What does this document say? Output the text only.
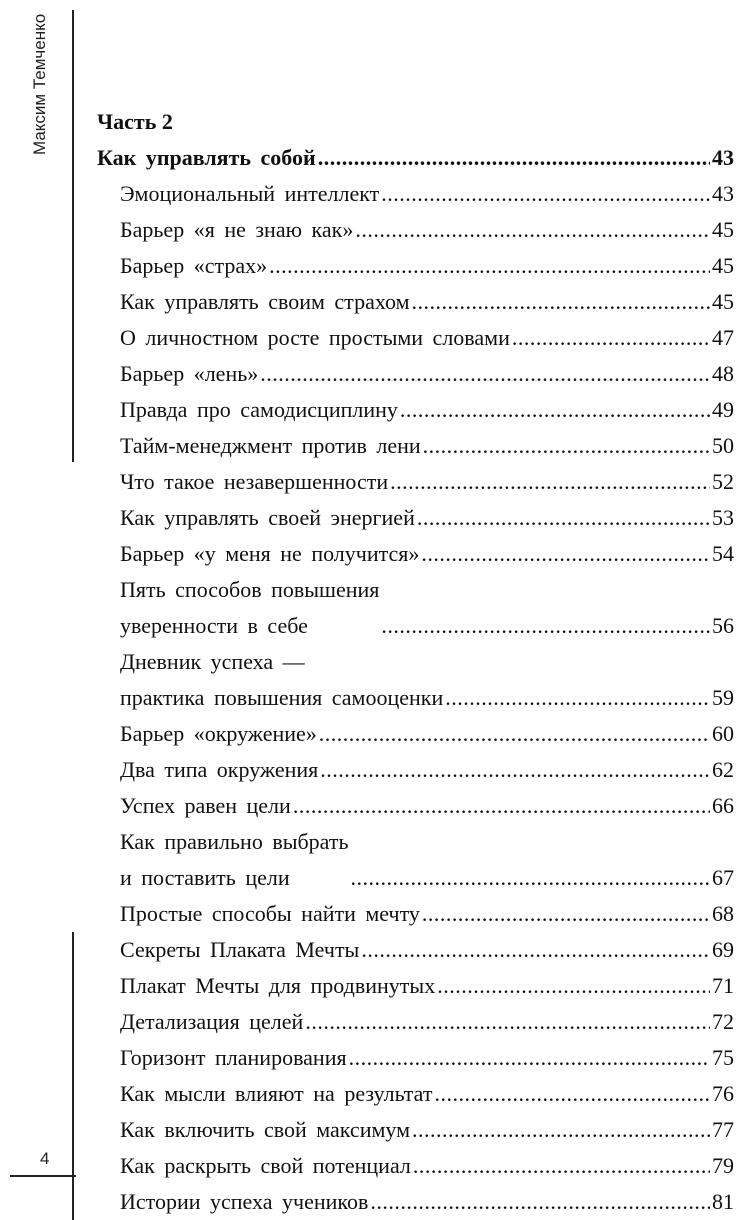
Максим Темченко
4
Часть 2
Как управлять собой .....	43
Эмоциональный интеллект .....	43
Барьер «я не знаю как» .....	45
Барьер «страх» .....	45
Как управлять своим страхом .....	45
О личностном росте простыми словами .....	47
Барьер «лень» .....	48
Правда про самодисциплину .....	49
Тайм-менеджмент против лени .....	50
Что такое незавершенности .....	52
Как управлять своей энергией .....	53
Барьер «у меня не получится» .....	54
Пять способов повышения
уверенности в себе .....	56
Дневник успеха —
практика повышения самооценки .....	59
Барьер «окружение» .....	60
Два типа окружения .....	62
Успех равен цели .....	66
Как правильно выбрать
и поставить цели .....	67
Простые способы найти мечту .....	68
Секреты Плаката Мечты .....	69
Плакат Мечты для продвинутых .....	71
Детализация целей .....	72
Горизонт планирования .....	75
Как мысли влияют на результат .....	76
Как включить свой максимум .....	77
Как раскрыть свой потенциал .....	79
Истории успеха учеников .....	81
